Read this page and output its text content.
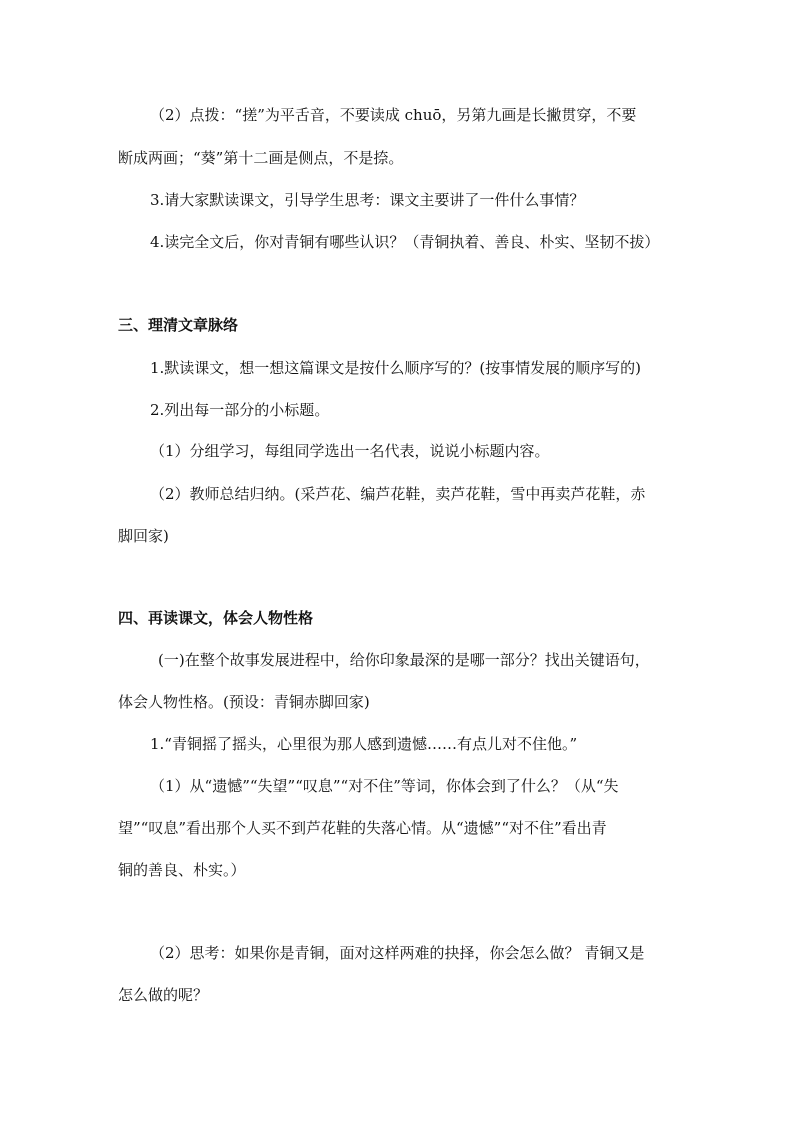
（2）点拨：“搓”为平舌音，不要读成 chuō，另第九画是长撇贯穿，不要

断成两画；“葵”第十二画是侧点，不是捺。

3.请大家默读课文，引导学生思考：课文主要讲了一件什么事情？

4.读完全文后，你对青铜有哪些认识？（青铜执着、善良、朴实、坚韧不拔）

三、理清文章脉络

1.默读课文，想一想这篇课文是按什么顺序写的？(按事情发展的顺序写的)

2.列出每一部分的小标题。

（1）分组学习，每组同学选出一名代表，说说小标题内容。

（2）教师总结归纳。(采芦花、编芦花鞋，卖芦花鞋，雪中再卖芦花鞋，赤

脚回家)

四、再读课文，体会人物性格

(一)在整个故事发展进程中，给你印象最深的是哪一部分？找出关键语句，

体会人物性格。(预设：青铜赤脚回家)

1.“青铜摇了摇头，心里很为那人感到遗憾……有点儿对不住他。”

（1）从“遗憾”“失望”“叹息”“对不住”等词，你体会到了什么？（从“失

望”“叹息”看出那个人买不到芦花鞋的失落心情。从“遗憾”“对不住”看出青

铜的善良、朴实。）

（2）思考：如果你是青铜，面对这样两难的抉择，你会怎么做？ 青铜又是

怎么做的呢？
